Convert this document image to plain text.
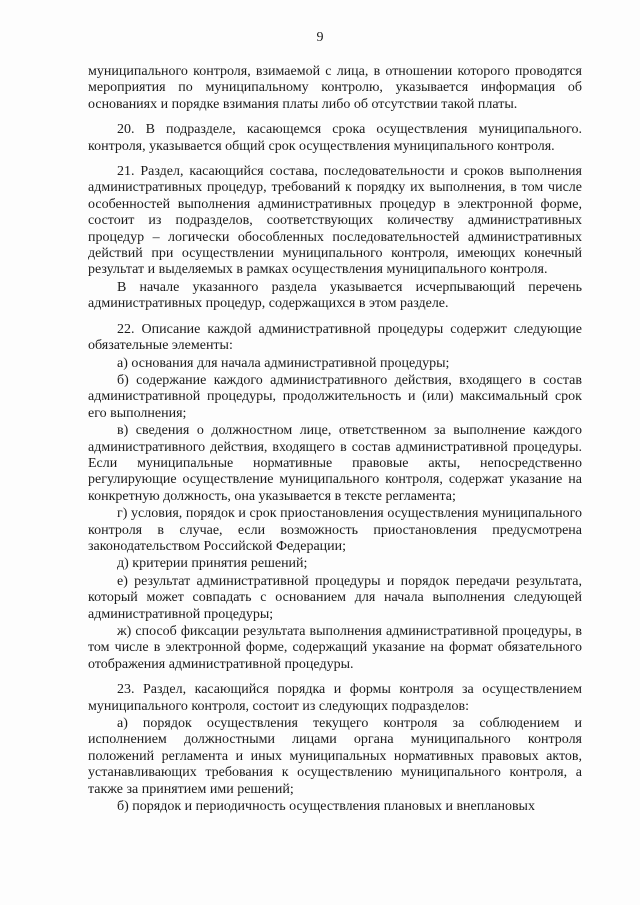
9

муниципального контроля, взимаемой с лица, в отношении которого проводятся мероприятия по муниципальному контролю, указывается информация об основаниях и порядке взимания платы либо об отсутствии такой платы.

20. В подразделе, касающемся срока осуществления муниципального. контроля, указывается общий срок осуществления муниципального контроля.

21. Раздел, касающийся состава, последовательности и сроков выполнения административных процедур, требований к порядку их выполнения, в том числе особенностей выполнения административных процедур в электронной форме, состоит из подразделов, соответствующих количеству административных процедур – логически обособленных последовательностей административных действий при осуществлении муниципального контроля, имеющих конечный результат и выделяемых в рамках осуществления муниципального контроля.

В начале указанного раздела указывается исчерпывающий перечень административных процедур, содержащихся в этом разделе.

22. Описание каждой административной процедуры содержит следующие обязательные элементы:

а) основания для начала административной процедуры;

б) содержание каждого административного действия, входящего в состав административной процедуры, продолжительность и (или) максимальный срок его выполнения;

в) сведения о должностном лице, ответственном за выполнение каждого административного действия, входящего в состав административной процедуры. Если муниципальные нормативные правовые акты, непосредственно регулирующие осуществление муниципального контроля, содержат указание на конкретную должность, она указывается в тексте регламента;

г) условия, порядок и срок приостановления осуществления муниципального контроля в случае, если возможность приостановления предусмотрена законодательством Российской Федерации;

д) критерии принятия решений;

е) результат административной процедуры и порядок передачи результата, который может совпадать с основанием для начала выполнения следующей административной процедуры;

ж) способ фиксации результата выполнения административной процедуры, в том числе в электронной форме, содержащий указание на формат обязательного отображения административной процедуры.

23. Раздел, касающийся порядка и формы контроля за осуществлением муниципального контроля, состоит из следующих подразделов:

а) порядок осуществления текущего контроля за соблюдением и исполнением должностными лицами органа муниципального контроля положений регламента и иных муниципальных нормативных правовых актов, устанавливающих требования к осуществлению муниципального контроля, а также за принятием ими решений;

б) порядок и периодичность осуществления плановых и внеплановых
